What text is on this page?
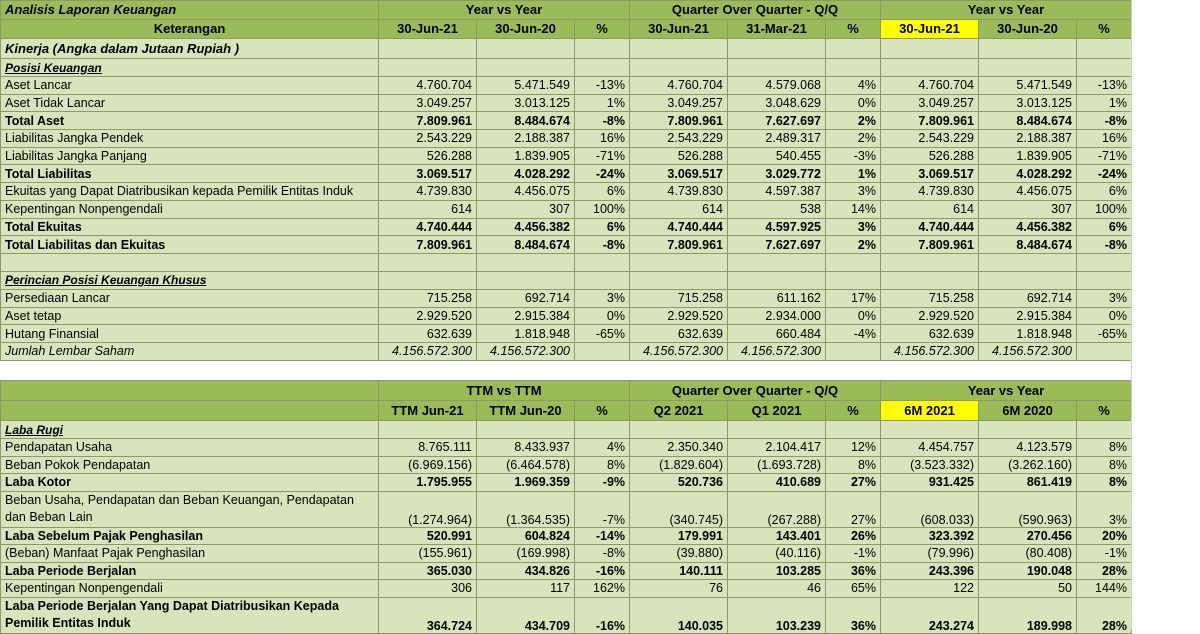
Analisis Laporan Keuangan	Year vs Year			Quarter Over Quarter - Q/Q			Year vs Year		
Keterangan	30-Jun-21	30-Jun-20	%	30-Jun-21	31-Mar-21	%	30-Jun-21	30-Jun-20	%
Kinerja (Angka dalam Jutaan Rupiah )									
Posisi Keuangan									
Aset Lancar	4.760.704	5.471.549	-13%	4.760.704	4.579.068	4%	4.760.704	5.471.549	-13%
Aset Tidak Lancar	3.049.257	3.013.125	1%	3.049.257	3.048.629	0%	3.049.257	3.013.125	1%
Total Aset	7.809.961	8.484.674	-8%	7.809.961	7.627.697	2%	7.809.961	8.484.674	-8%
Liabilitas Jangka Pendek	2.543.229	2.188.387	16%	2.543.229	2.489.317	2%	2.543.229	2.188.387	16%
Liabilitas Jangka Panjang	526.288	1.839.905	-71%	526.288	540.455	-3%	526.288	1.839.905	-71%
Total Liabilitas	3.069.517	4.028.292	-24%	3.069.517	3.029.772	1%	3.069.517	4.028.292	-24%
Ekuitas yang Dapat Diatribusikan kepada Pemilik Entitas Induk	4.739.830	4.456.075	6%	4.739.830	4.597.387	3%	4.739.830	4.456.075	6%
Kepentingan Nonpengendali	614	307	100%	614	538	14%	614	307	100%
Total Ekuitas	4.740.444	4.456.382	6%	4.740.444	4.597.925	3%	4.740.444	4.456.382	6%
Total Liabilitas dan Ekuitas	7.809.961	8.484.674	-8%	7.809.961	7.627.697	2%	7.809.961	8.484.674	-8%

Perincian Posisi Keuangan Khusus									
Persediaan Lancar	715.258	692.714	3%	715.258	611.162	17%	715.258	692.714	3%
Aset tetap	2.929.520	2.915.384	0%	2.929.520	2.934.000	0%	2.929.520	2.915.384	0%
Hutang Finansial	632.639	1.818.948	-65%	632.639	660.484	-4%	632.639	1.818.948	-65%
Jumlah Lembar Saham	4.156.572.300	4.156.572.300		4.156.572.300	4.156.572.300		4.156.572.300	4.156.572.300	
	TTM vs TTM			Quarter Over Quarter - Q/Q			Year vs Year		
	TTM Jun-21	TTM Jun-20	%	Q2 2021	Q1 2021	%	6M 2021	6M 2020	%
Laba Rugi									
Pendapatan Usaha	8.765.111	8.433.937	4%	2.350.340	2.104.417	12%	4.454.757	4.123.579	8%
Beban Pokok Pendapatan	(6.969.156)	(6.464.578)	8%	(1.829.604)	(1.693.728)	8%	(3.523.332)	(3.262.160)	8%
Laba Kotor	1.795.955	1.969.359	-9%	520.736	410.689	27%	931.425	861.419	8%
Beban Usaha, Pendapatan dan Beban Keuangan, Pendapatan dan Beban Lain	(1.274.964)	(1.364.535)	-7%	(340.745)	(267.288)	27%	(608.033)	(590.963)	3%
Laba Sebelum Pajak Penghasilan	520.991	604.824	-14%	179.991	143.401	26%	323.392	270.456	20%
(Beban) Manfaat Pajak Penghasilan	(155.961)	(169.998)	-8%	(39.880)	(40.116)	-1%	(79.996)	(80.408)	-1%
Laba Periode Berjalan	365.030	434.826	-16%	140.111	103.285	36%	243.396	190.048	28%
Kepentingan Nonpengendali	306	117	162%	76	46	65%	122	50	144%
Laba Periode Berjalan Yang Dapat Diatribusikan Kepada Pemilik Entitas Induk	364.724	434.709	-16%	140.035	103.239	36%	243.274	189.998	28%
